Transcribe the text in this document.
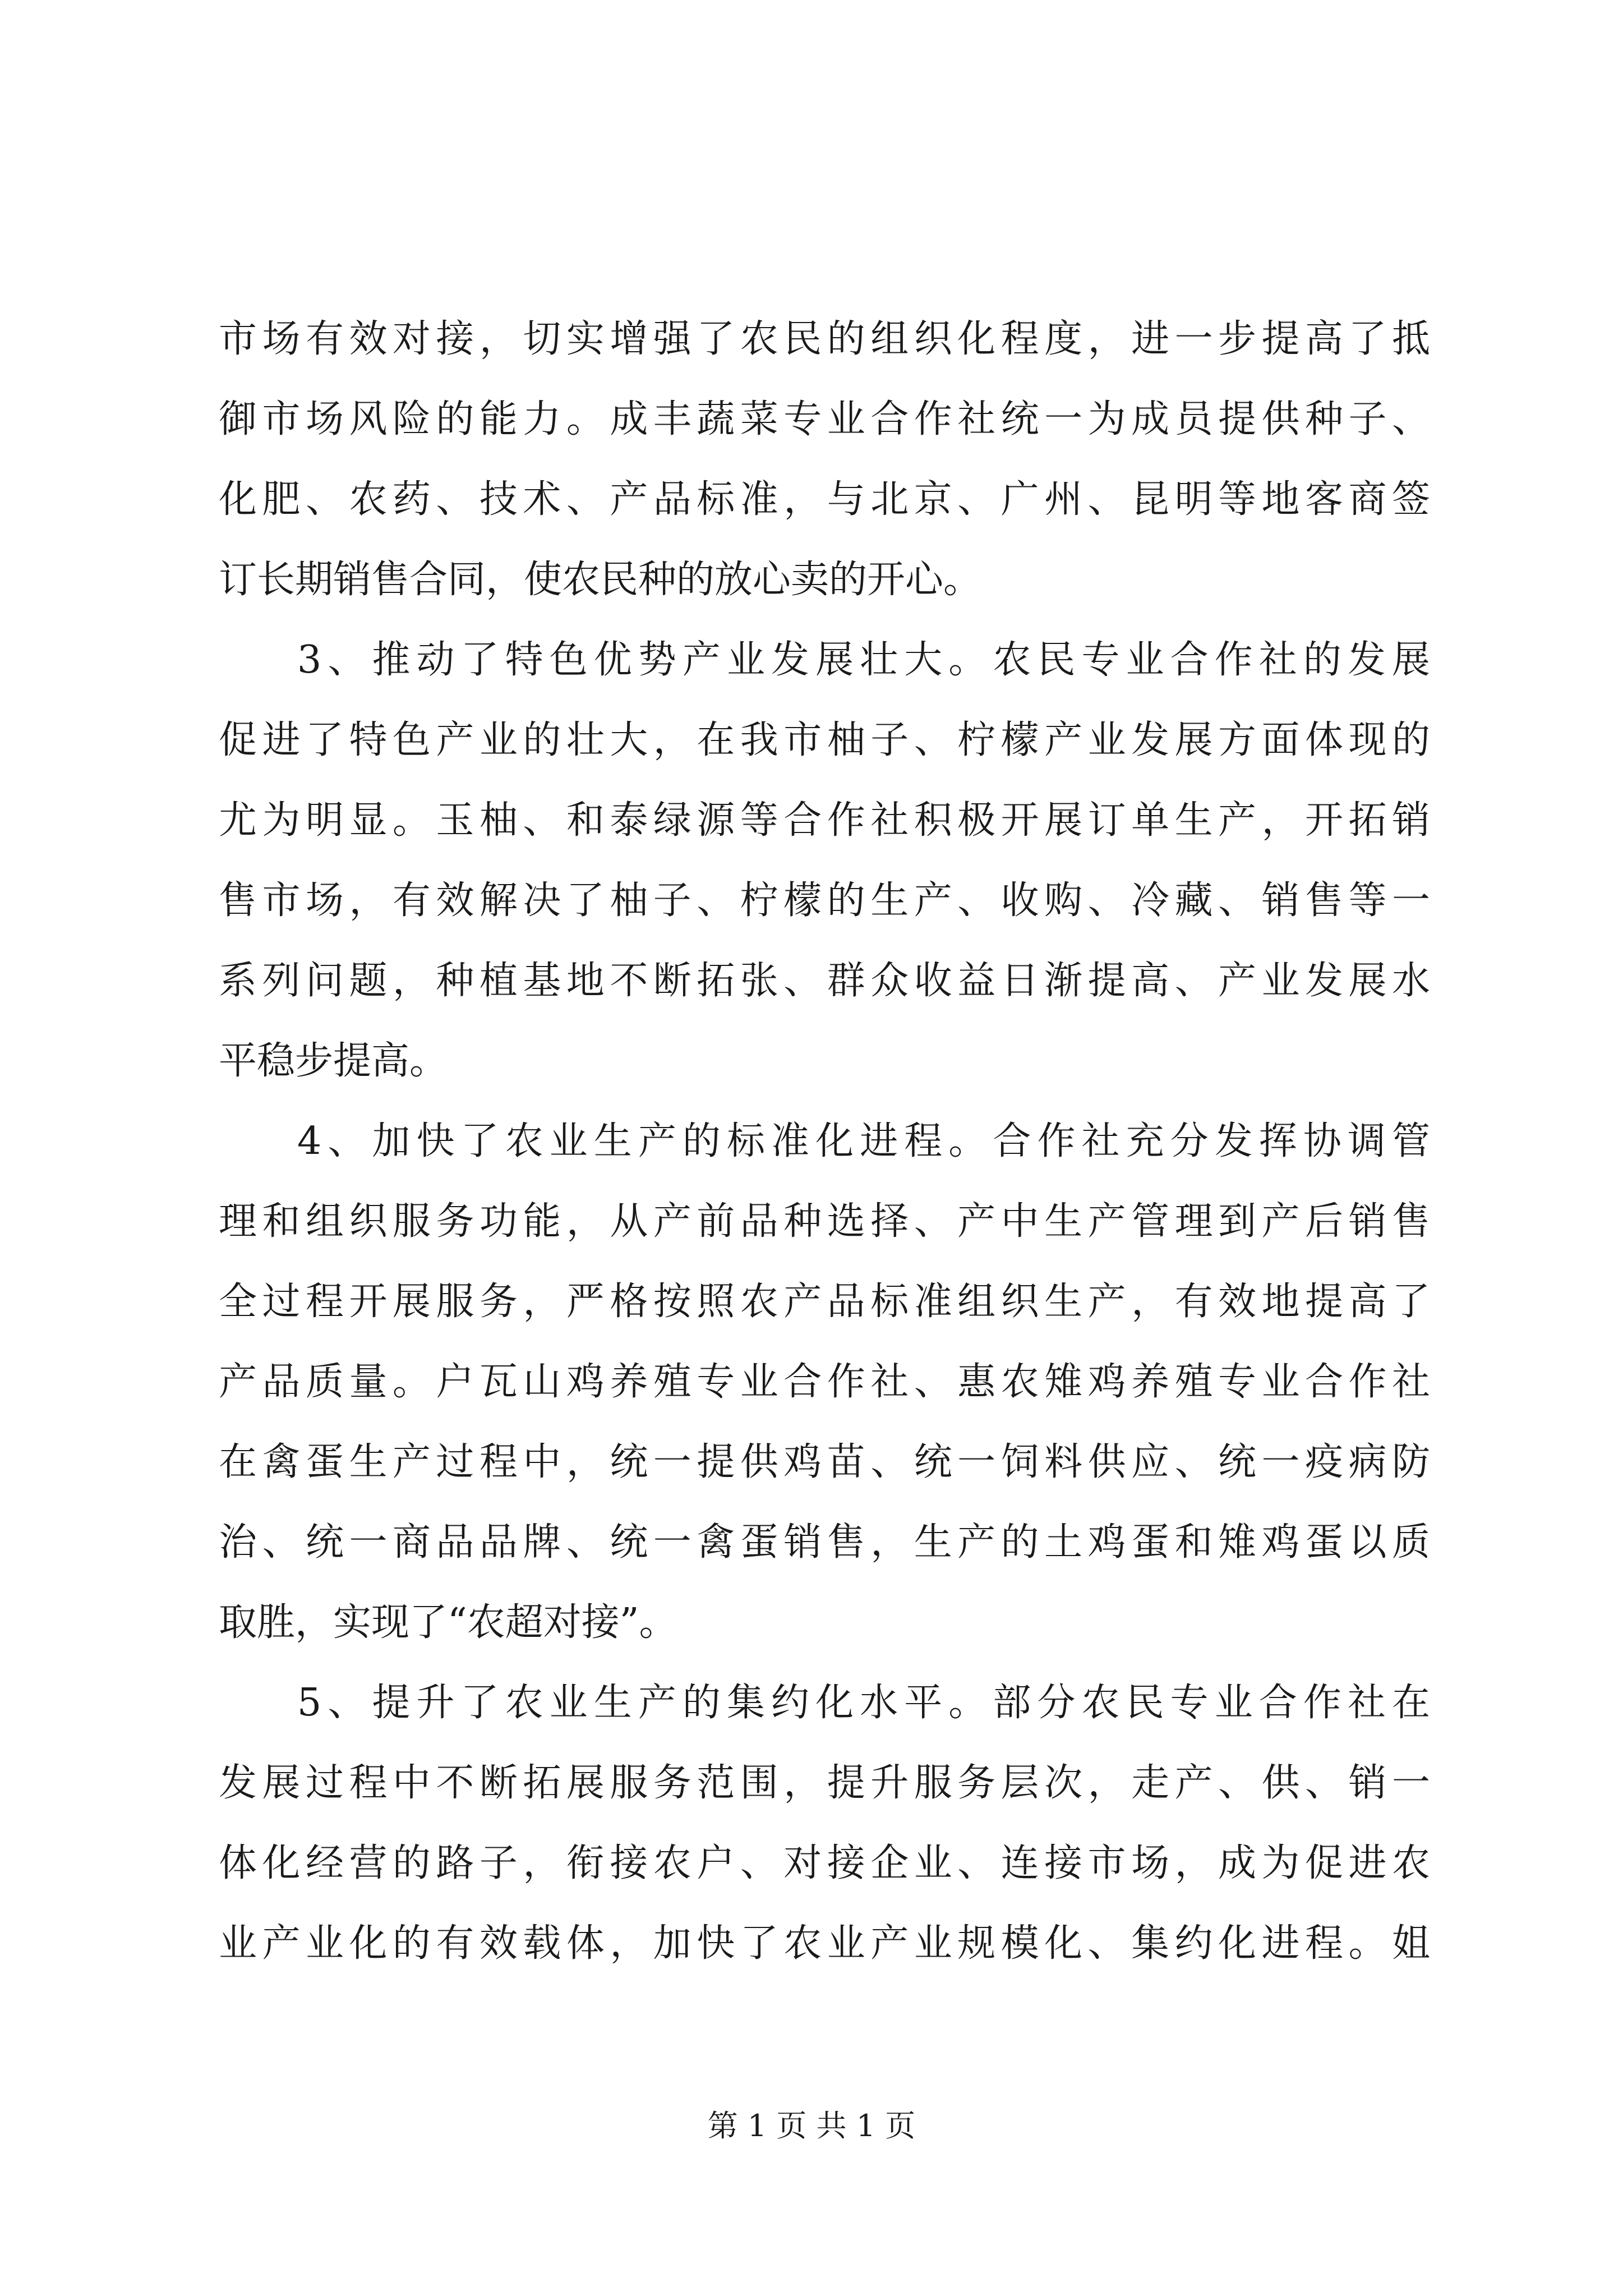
市场有效对接，切实增强了农民的组织化程度，进一步提高了抵
御市场风险的能力。成丰蔬菜专业合作社统一为成员提供种子、
化肥、农药、技术、产品标准，与北京、广州、昆明等地客商签
订长期销售合同，使农民种的放心卖的开心。
3、推动了特色优势产业发展壮大。农民专业合作社的发展
促进了特色产业的壮大，在我市柚子、柠檬产业发展方面体现的
尤为明显。玉柚、和泰绿源等合作社积极开展订单生产，开拓销
售市场，有效解决了柚子、柠檬的生产、收购、冷藏、销售等一
系列问题，种植基地不断拓张、群众收益日渐提高、产业发展水
平稳步提高。
4、加快了农业生产的标准化进程。合作社充分发挥协调管
理和组织服务功能，从产前品种选择、产中生产管理到产后销售
全过程开展服务，严格按照农产品标准组织生产，有效地提高了
产品质量。户瓦山鸡养殖专业合作社、惠农雉鸡养殖专业合作社
在禽蛋生产过程中，统一提供鸡苗、统一饲料供应、统一疫病防
治、统一商品品牌、统一禽蛋销售，生产的土鸡蛋和雉鸡蛋以质
取胜，实现了“农超对接”。
5、提升了农业生产的集约化水平。部分农民专业合作社在
发展过程中不断拓展服务范围，提升服务层次，走产、供、销一
体化经营的路子，衔接农户、对接企业、连接市场，成为促进农
业产业化的有效载体，加快了农业产业规模化、集约化进程。姐
第 1 页 共 1 页
